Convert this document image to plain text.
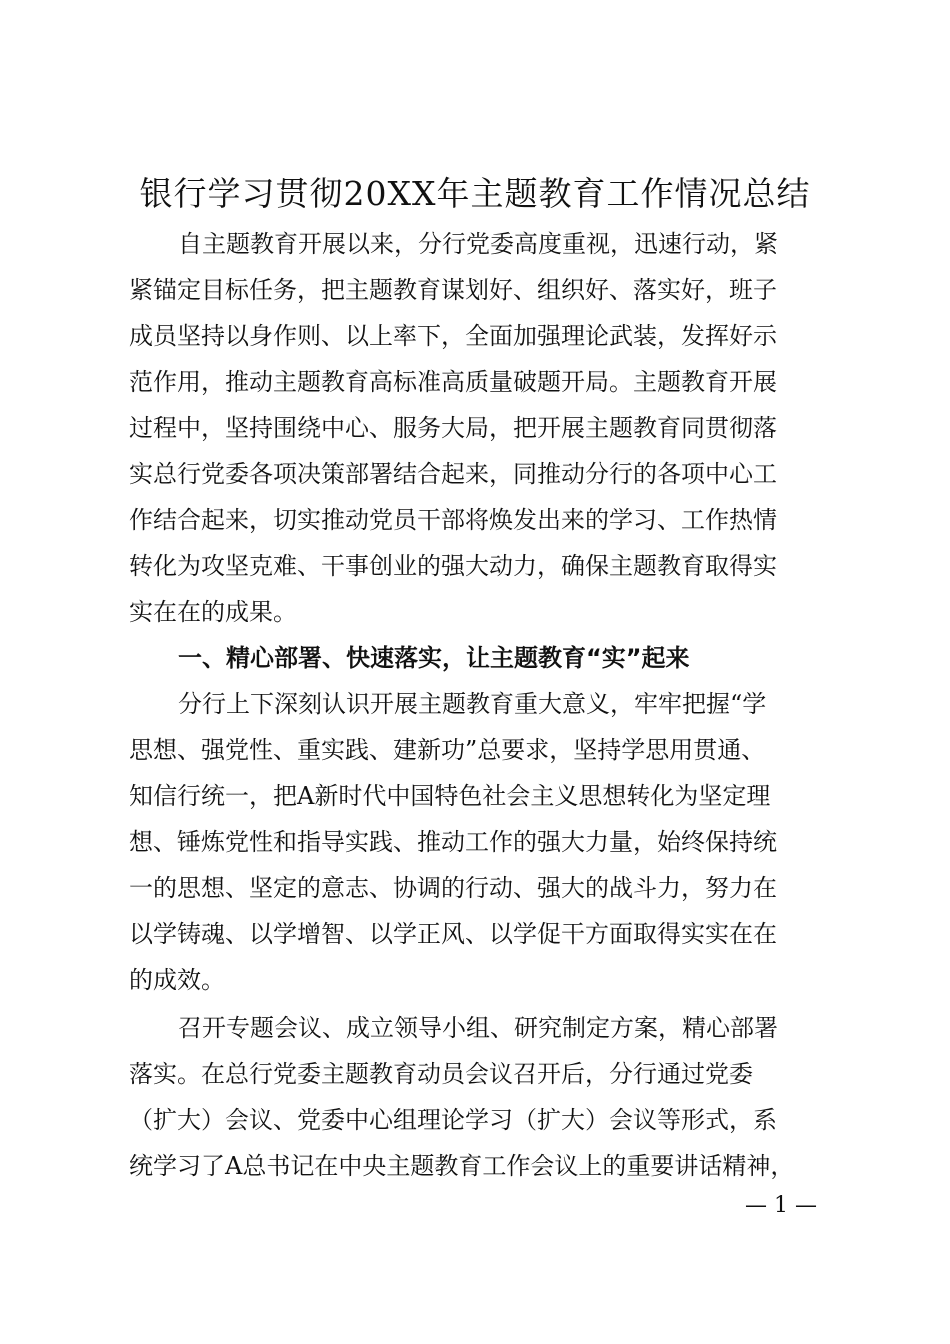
银行学习贯彻20XX年主题教育工作情况总结
自主题教育开展以来，分行党委高度重视，迅速行动，紧
紧锚定目标任务，把主题教育谋划好、组织好、落实好，班子
成员坚持以身作则、以上率下，全面加强理论武装，发挥好示
范作用，推动主题教育高标准高质量破题开局。主题教育开展
过程中，坚持围绕中心、服务大局，把开展主题教育同贯彻落
实总行党委各项决策部署结合起来，同推动分行的各项中心工
作结合起来，切实推动党员干部将焕发出来的学习、工作热情
转化为攻坚克难、干事创业的强大动力，确保主题教育取得实
实在在的成果。
一、精心部署、快速落实，让主题教育“实”起来
分行上下深刻认识开展主题教育重大意义，牢牢把握“学
思想、强党性、重实践、建新功”总要求，坚持学思用贯通、
知信行统一，把A新时代中国特色社会主义思想转化为坚定理
想、锤炼党性和指导实践、推动工作的强大力量，始终保持统
一的思想、坚定的意志、协调的行动、强大的战斗力，努力在
以学铸魂、以学增智、以学正风、以学促干方面取得实实在在
的成效。
召开专题会议、成立领导小组、研究制定方案，精心部署
落实。在总行党委主题教育动员会议召开后，分行通过党委
（扩大）会议、党委中心组理论学习（扩大）会议等形式，系
统学习了A总书记在中央主题教育工作会议上的重要讲话精神，
— 1 —
